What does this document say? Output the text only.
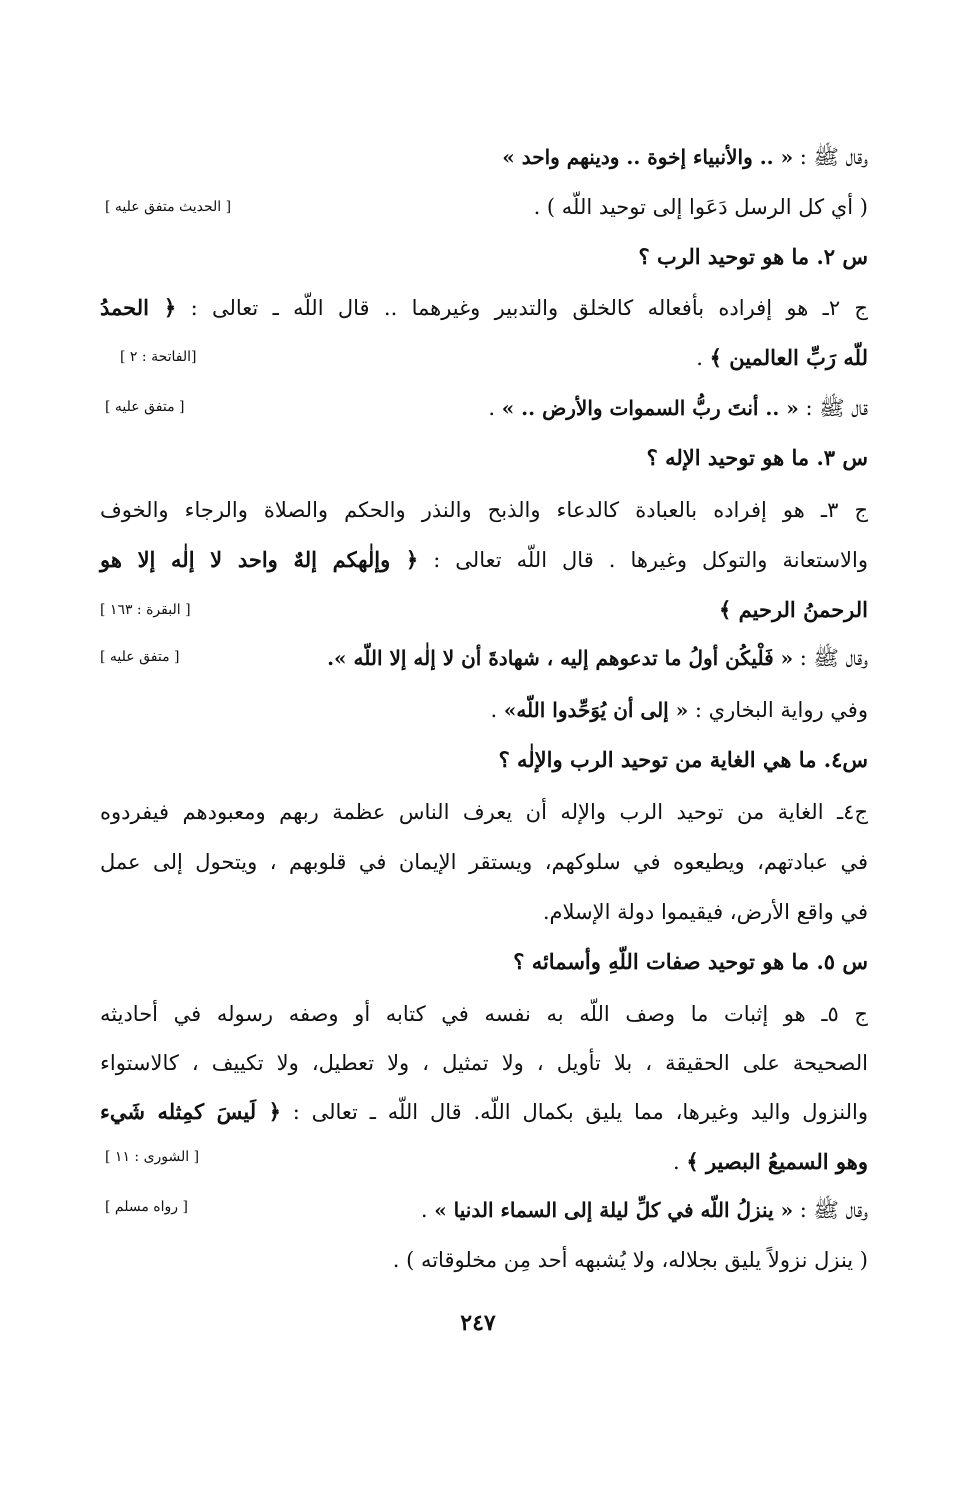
وقال ﷺ : « .. والأنبياء إخوة .. ودينهم واحد »
( أي كل الرسل دَعَوا إلى توحيد اللّه ) .
[ الحديث متفق عليه ]
س ٢. ما هو توحيد الرب ؟
ج ٢ـ هو إفراده بأفعاله كالخلق والتدبير وغيرهما .. قال اللّه ـ تعالى : ﴿ الحمدُ
للّه رَبِّ العالمين ﴾ .
[الفاتحة : ٢ ]
قال ﷺ : « .. أنتَ ربُّ السموات والأرض .. » .
[ متفق عليه ]
س ٣. ما هو توحيد الإله ؟
ج ٣ـ هو إفراده بالعبادة كالدعاء والذبح والنذر والحكم والصلاة والرجاء والخوف
والاستعانة والتوكل وغيرها . قال اللّه تعالى : ﴿ وإلٰهكم إلهٌ واحد لا إلٰه إلا هو
الرحمنُ الرحيم ﴾
[ البقرة : ١٦٣ ]
وقال ﷺ : « فَلْيكُن أولُ ما تدعوهم إليه ، شهادةَ أن لا إلٰه إلا اللّه ».
[ متفق عليه ]
وفي رواية البخاري : « إلى أن يُوَحِّدوا اللّه» .
س٤. ما هي الغاية من توحيد الرب والإلٰه ؟
ج٤ـ الغاية من توحيد الرب والإله أن يعرف الناس عظمة ربهم ومعبودهم فيفردوه
في عبادتهم، ويطيعوه في سلوكهم، ويستقر الإيمان في قلوبهم ، ويتحول إلى عمل
في واقع الأرض، فيقيموا دولة الإسلام.
س ٥. ما هو توحيد صفات اللّهِ وأسمائه ؟
ج ٥ـ هو إثبات ما وصف اللّه به نفسه في كتابه أو وصفه رسوله في أحاديثه
الصحيحة على الحقيقة ، بلا تأويل ، ولا تمثيل ، ولا تعطيل، ولا تكييف ، كالاستواء
والنزول واليد وغيرها، مما يليق بكمال اللّه. قال اللّه ـ تعالى : ﴿ لَيسَ كمِثله شَيء
وهو السميعُ البصير ﴾ .
[ الشورى : ١١ ]
وقال ﷺ : « ينزلُ اللّه في كلِّ ليلة إلى السماء الدنيا » .
[ رواه مسلم ]
( ينزل نزولاً يليق بجلاله، ولا يُشبهه أحد مِن مخلوقاته ) .
٢٤٧
